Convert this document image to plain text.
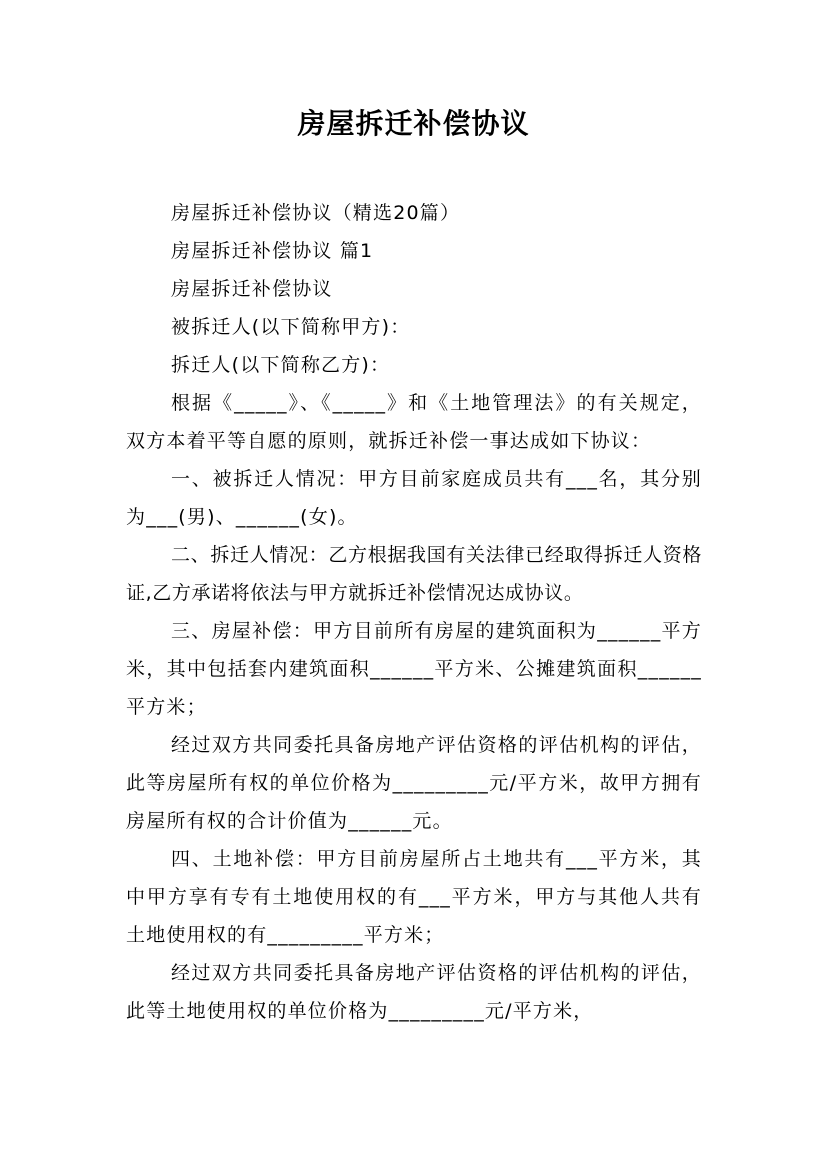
房屋拆迁补偿协议

房屋拆迁补偿协议（精选20篇）

房屋拆迁补偿协议 篇1

房屋拆迁补偿协议

被拆迁人(以下简称甲方)：

拆迁人(以下简称乙方)：

根据《_____》、《_____》和《土地管理法》的有关规定，双方本着平等自愿的原则，就拆迁补偿一事达成如下协议：

一、被拆迁人情况：甲方目前家庭成员共有___名，其分别为___(男)、______(女)。

二、拆迁人情况：乙方根据我国有关法律已经取得拆迁人资格证,乙方承诺将依法与甲方就拆迁补偿情况达成协议。

三、房屋补偿：甲方目前所有房屋的建筑面积为______平方米，其中包括套内建筑面积______平方米、公摊建筑面积______平方米；

经过双方共同委托具备房地产评估资格的评估机构的评估，此等房屋所有权的单位价格为_________元/平方米，故甲方拥有房屋所有权的合计价值为______元。

四、土地补偿：甲方目前房屋所占土地共有___平方米，其中甲方享有专有土地使用权的有___平方米，甲方与其他人共有土地使用权的有_________平方米；

经过双方共同委托具备房地产评估资格的评估机构的评估，此等土地使用权的单位价格为_________元/平方米，
